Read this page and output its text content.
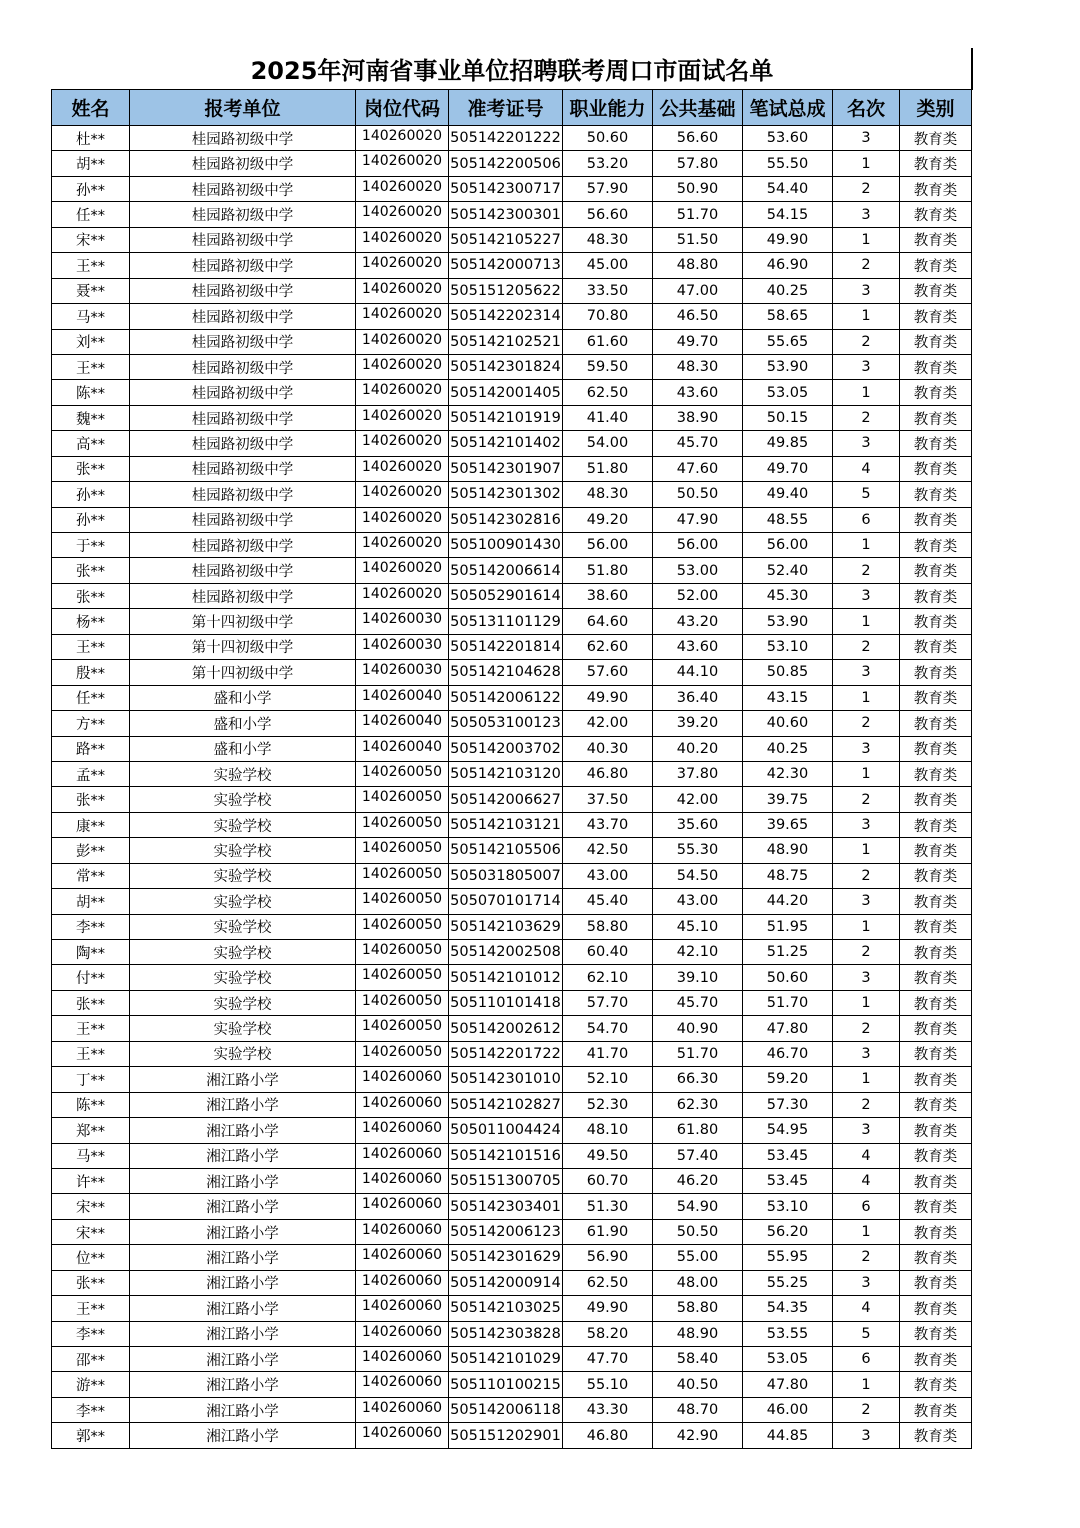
2025年河南省事业单位招聘联考周口市面试名单
姓名	报考单位	岗位代码	准考证号	职业能力	公共基础	笔试总成	名次	类别
杜**	桂园路初级中学	140260020	505142201222	50.60	56.60	53.60	3	教育类
胡**	桂园路初级中学	140260020	505142200506	53.20	57.80	55.50	1	教育类
孙**	桂园路初级中学	140260020	505142300717	57.90	50.90	54.40	2	教育类
任**	桂园路初级中学	140260020	505142300301	56.60	51.70	54.15	3	教育类
宋**	桂园路初级中学	140260020	505142105227	48.30	51.50	49.90	1	教育类
王**	桂园路初级中学	140260020	505142000713	45.00	48.80	46.90	2	教育类
聂**	桂园路初级中学	140260020	505151205622	33.50	47.00	40.25	3	教育类
马**	桂园路初级中学	140260020	505142202314	70.80	46.50	58.65	1	教育类
刘**	桂园路初级中学	140260020	505142102521	61.60	49.70	55.65	2	教育类
王**	桂园路初级中学	140260020	505142301824	59.50	48.30	53.90	3	教育类
陈**	桂园路初级中学	140260020	505142001405	62.50	43.60	53.05	1	教育类
魏**	桂园路初级中学	140260020	505142101919	41.40	38.90	50.15	2	教育类
高**	桂园路初级中学	140260020	505142101402	54.00	45.70	49.85	3	教育类
张**	桂园路初级中学	140260020	505142301907	51.80	47.60	49.70	4	教育类
孙**	桂园路初级中学	140260020	505142301302	48.30	50.50	49.40	5	教育类
孙**	桂园路初级中学	140260020	505142302816	49.20	47.90	48.55	6	教育类
于**	桂园路初级中学	140260020	505100901430	56.00	56.00	56.00	1	教育类
张**	桂园路初级中学	140260020	505142006614	51.80	53.00	52.40	2	教育类
张**	桂园路初级中学	140260020	505052901614	38.60	52.00	45.30	3	教育类
杨**	第十四初级中学	140260030	505131101129	64.60	43.20	53.90	1	教育类
王**	第十四初级中学	140260030	505142201814	62.60	43.60	53.10	2	教育类
殷**	第十四初级中学	140260030	505142104628	57.60	44.10	50.85	3	教育类
任**	盛和小学	140260040	505142006122	49.90	36.40	43.15	1	教育类
方**	盛和小学	140260040	505053100123	42.00	39.20	40.60	2	教育类
路**	盛和小学	140260040	505142003702	40.30	40.20	40.25	3	教育类
孟**	实验学校	140260050	505142103120	46.80	37.80	42.30	1	教育类
张**	实验学校	140260050	505142006627	37.50	42.00	39.75	2	教育类
康**	实验学校	140260050	505142103121	43.70	35.60	39.65	3	教育类
彭**	实验学校	140260050	505142105506	42.50	55.30	48.90	1	教育类
常**	实验学校	140260050	505031805007	43.00	54.50	48.75	2	教育类
胡**	实验学校	140260050	505070101714	45.40	43.00	44.20	3	教育类
李**	实验学校	140260050	505142103629	58.80	45.10	51.95	1	教育类
陶**	实验学校	140260050	505142002508	60.40	42.10	51.25	2	教育类
付**	实验学校	140260050	505142101012	62.10	39.10	50.60	3	教育类
张**	实验学校	140260050	505110101418	57.70	45.70	51.70	1	教育类
王**	实验学校	140260050	505142002612	54.70	40.90	47.80	2	教育类
王**	实验学校	140260050	505142201722	41.70	51.70	46.70	3	教育类
丁**	湘江路小学	140260060	505142301010	52.10	66.30	59.20	1	教育类
陈**	湘江路小学	140260060	505142102827	52.30	62.30	57.30	2	教育类
郑**	湘江路小学	140260060	505011004424	48.10	61.80	54.95	3	教育类
马**	湘江路小学	140260060	505142101516	49.50	57.40	53.45	4	教育类
许**	湘江路小学	140260060	505151300705	60.70	46.20	53.45	4	教育类
宋**	湘江路小学	140260060	505142303401	51.30	54.90	53.10	6	教育类
宋**	湘江路小学	140260060	505142006123	61.90	50.50	56.20	1	教育类
位**	湘江路小学	140260060	505142301629	56.90	55.00	55.95	2	教育类
张**	湘江路小学	140260060	505142000914	62.50	48.00	55.25	3	教育类
王**	湘江路小学	140260060	505142103025	49.90	58.80	54.35	4	教育类
李**	湘江路小学	140260060	505142303828	58.20	48.90	53.55	5	教育类
邵**	湘江路小学	140260060	505142101029	47.70	58.40	53.05	6	教育类
游**	湘江路小学	140260060	505110100215	55.10	40.50	47.80	1	教育类
李**	湘江路小学	140260060	505142006118	43.30	48.70	46.00	2	教育类
郭**	湘江路小学	140260060	505151202901	46.80	42.90	44.85	3	教育类
